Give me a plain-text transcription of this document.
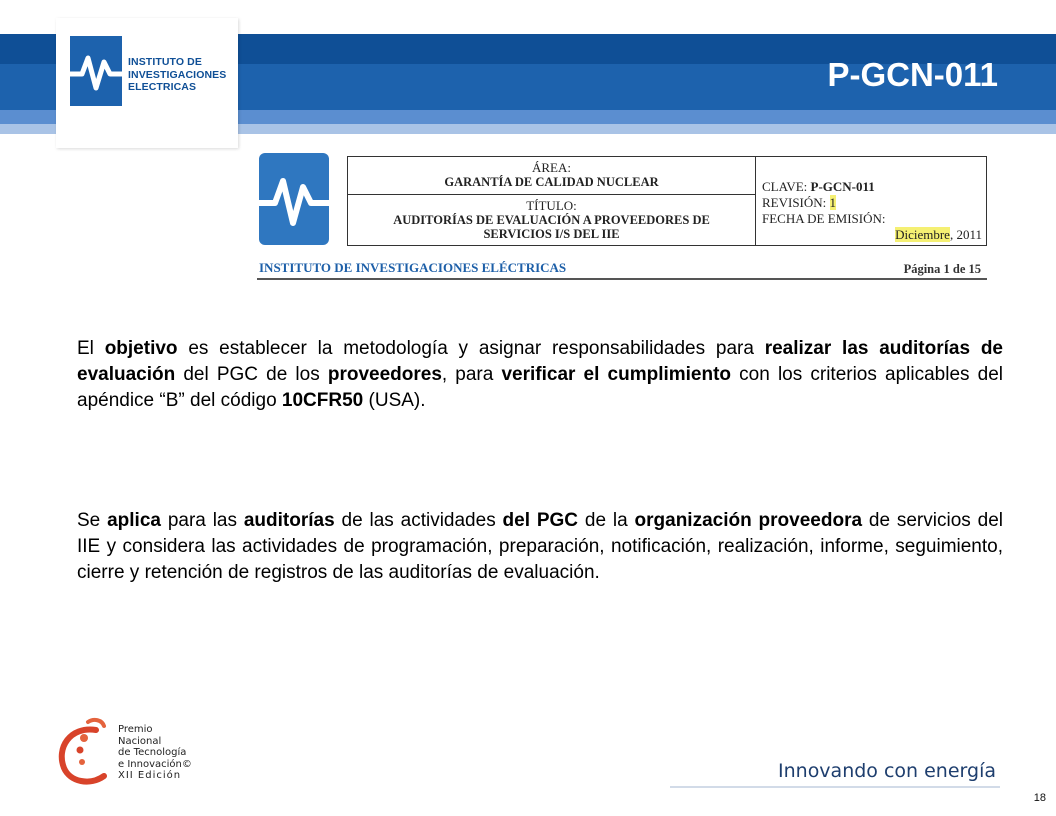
INSTITUTO DE
INVESTIGACIONES
ELECTRICAS	P-GCN-011
ÁREA:
GARANTÍA DE CALIDAD NUCLEAR
TÍTULO:
AUDITORÍAS DE EVALUACIÓN A PROVEEDORES DE
SERVICIOS I/S DEL IIE
CLAVE: P-GCN-011
REVISIÓN: 1
FECHA DE EMISIÓN:
Diciembre, 2011
INSTITUTO DE INVESTIGACIONES ELÉCTRICAS	Página 1 de 15

El objetivo es establecer la metodología y asignar responsabilidades para realizar las auditorías de evaluación del PGC de los proveedores, para verificar el cumplimiento con los criterios aplicables del apéndice “B” del código 10CFR50 (USA).

Se aplica para las auditorías de las actividades del PGC de la organización proveedora de servicios del IIE y considera las actividades de programación, preparación, notificación, realización, informe, seguimiento, cierre y retención de registros de las auditorías de evaluación.

Premio
Nacional
de Tecnología
e Innovación©
XII Edición	Innovando con energía
18
